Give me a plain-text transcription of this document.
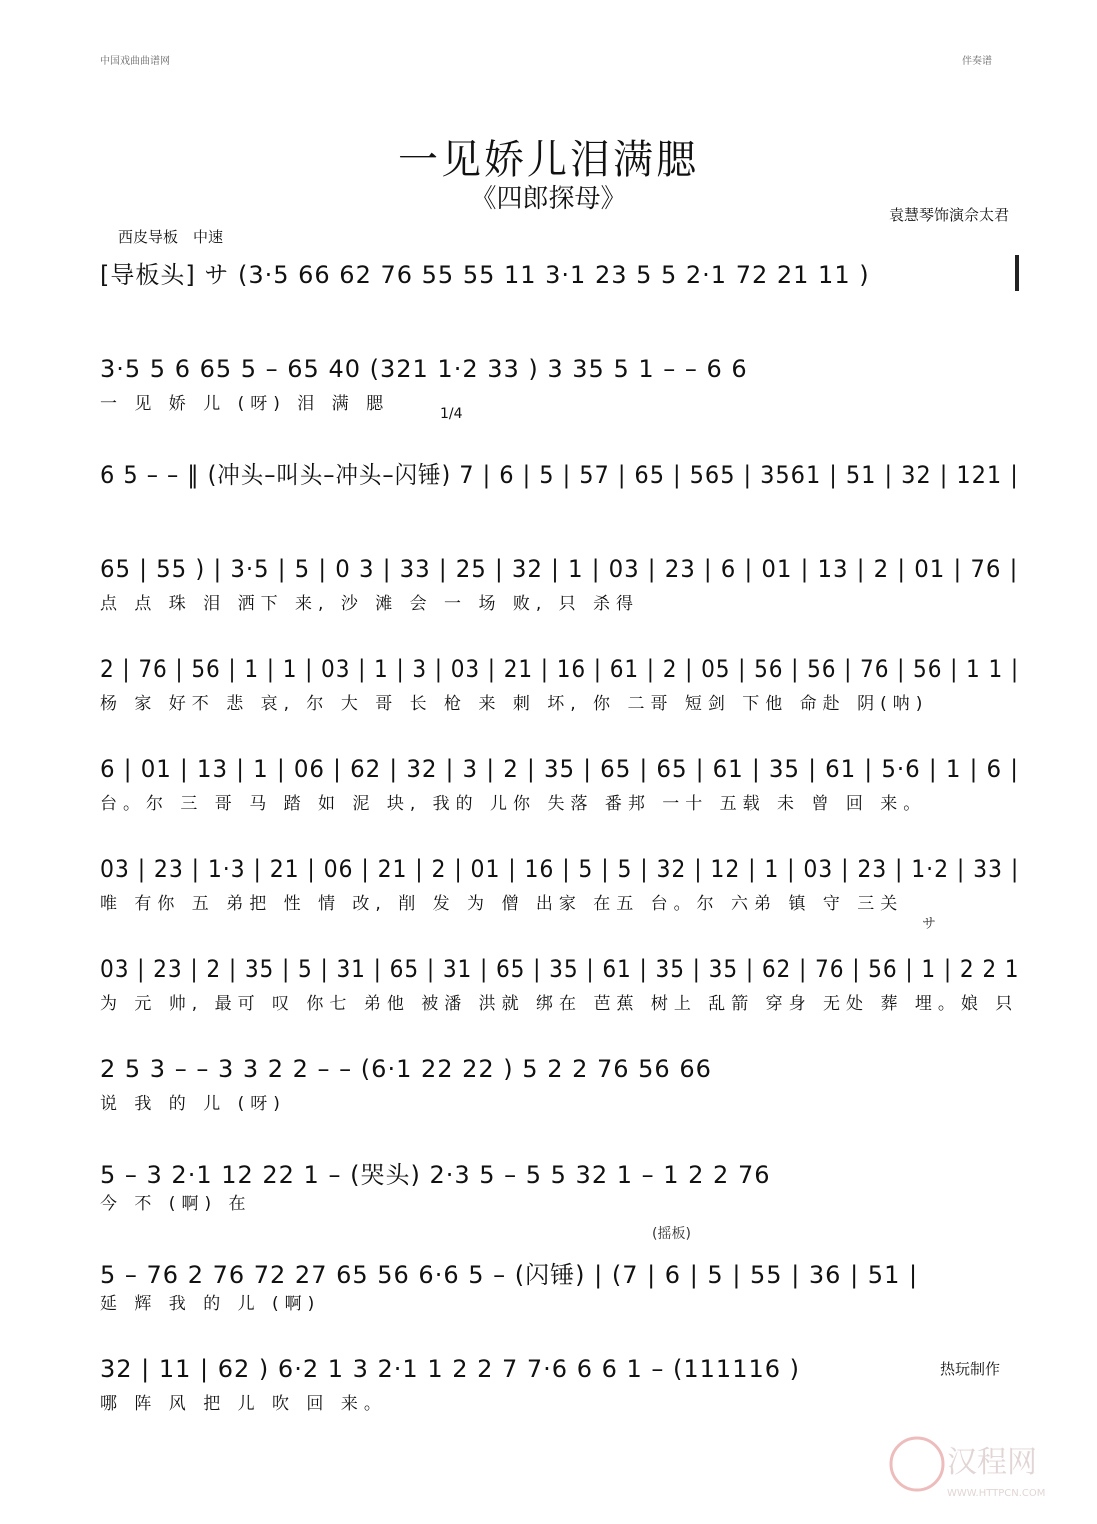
中国戏曲曲谱网	伴奏谱
一见娇儿泪满腮
《四郎探母》
袁慧琴饰演佘太君
西皮导板　中速
1/4
[导板头] サ (3·5 66 62 76 55 55 11 3·1 23 5 5 2·1 72 21 11 )
3·5 5 6 65 5 – 65 40 (321 1·2 33 ) 3 35 5 1 – – 6 6
一 见 娇 儿 (呀) 泪 满 腮
6 5 – – ‖ (冲头–叫头–冲头–闪锤) 7 | 6 | 5 | 57 | 65 | 565 | 3561 | 51 | 32 | 121 |
65 | 55 ) | 3·5 | 5 | 0 3 | 33 | 25 | 32 | 1 | 03 | 23 | 6 | 01 | 13 | 2 | 01 | 76 |
点 点 珠 泪 洒下 来, 沙 滩 会 一 场 败, 只 杀得
2 | 76 | 56 | 1 | 1 | 03 | 1 | 3 | 03 | 21 | 16 | 61 | 2 | 05 | 56 | 56 | 76 | 56 | 1 1 |
杨 家 好不 悲 哀, 尔 大 哥 长 枪 来 刺 坏, 你 二哥 短剑 下他 命赴 阴(呐)
6 | 01 | 13 | 1 | 06 | 62 | 32 | 3 | 2 | 35 | 65 | 65 | 61 | 35 | 61 | 5·6 | 1 | 6 |
台。尔 三 哥 马 踏 如 泥 块, 我的 儿你 失落 番邦 一十 五载 未 曾 回 来。
03 | 23 | 1·3 | 21 | 06 | 21 | 2 | 01 | 16 | 5 | 5 | 32 | 12 | 1 | 03 | 23 | 1·2 | 33 |
唯 有你 五 弟把 性 情 改, 削 发 为 僧 出家 在五 台。尔 六弟 镇 守 三关
サ
03 | 23 | 2 | 35 | 5 | 31 | 65 | 31 | 65 | 35 | 61 | 35 | 35 | 62 | 76 | 56 | 1 | 2 2 1
为 元 帅, 最可 叹 你七 弟他 被潘 洪就 绑在 芭蕉 树上 乱箭 穿身 无处 葬 埋。娘 只
2 5 3 – – 3 3 2 2 – – (6·1 22 22 ) 5 2 2 76 56 66
说 我 的 儿 (呀)
5 – 3 2·1 12 22 1 – (哭头) 2·3 5 – 5 5 32 1 – 1 2 2 76
今 不 (啊) 在
(摇板)
5 – 76 2 76 72 27 65 56 6·6 5 – (闪锤) | (7 | 6 | 5 | 55 | 36 | 51 |
延 辉 我 的 儿 (啊)
32 | 11 | 62 ) 6·2 1 3 2·1 1 2 2 7 7·6 6 6 1 – (111116 )
哪 阵 风 把 儿 吹 回 来。
热玩制作
汉程网
WWW.HTTPCN.COM
